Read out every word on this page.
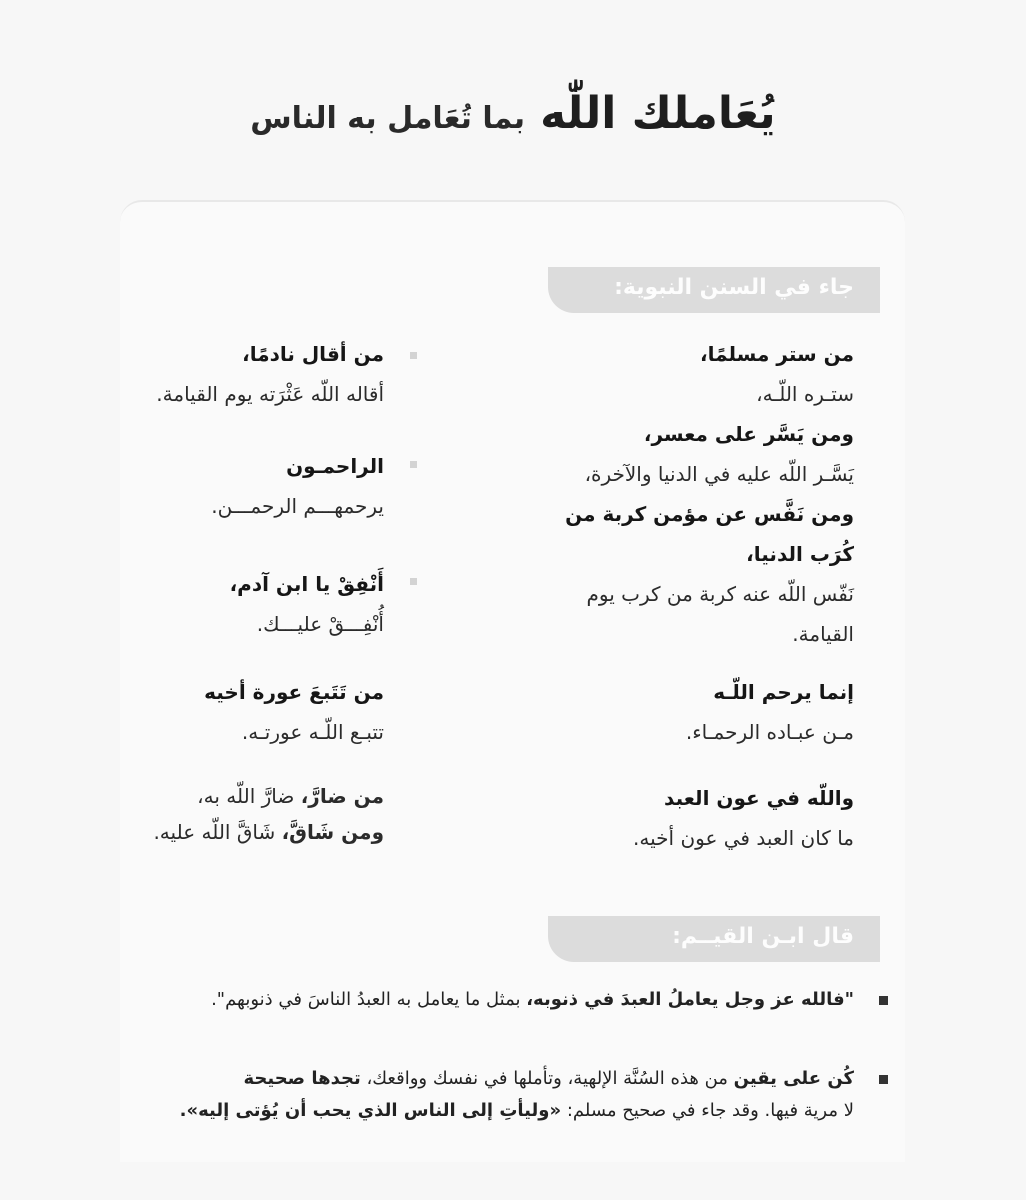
يُعَاملك اللّٰه بما تُعَامل به الناس
جاء في السنن النبوية:

من ستر مسلمًا،

ستـره اللّـه،

ومن يَسَّر على معسر،

يَسَّـر اللّه عليه في الدنيا والآخرة،

ومن نَفَّس عن مؤمن كربة من

كُرَب الدنيا،

نَفّس اللّه عنه كربة من كرب يوم

القيامة.

إنما يرحم اللّـه

مـن عبـاده الرحمـاء.

واللّه في عون العبد

ما كان العبد في عون أخيه.

من أقال نادمًا،

أقاله اللّه عَثْرَته يوم القيامة.

الراحمـون

يرحمهـــم الرحمـــن.

أَنْفِقْ يا ابن آدم،

أُنْفِـــقْ عليـــك.

من تَتَبعَ عورة أخيه

تتبـع اللّـه عورتـه.

من ضارَّ، ضارَّ اللّه به،

ومن شَاقَّ، شَاقَّ اللّه عليه.

قال ابـن القيــم:
"فالله عز وجل يعاملُ العبدَ في ذنوبه، بمثل ما يعامل به العبدُ الناسَ في ذنوبهم".
كُن على يقين من هذه السُنَّة الإلهية، وتأملها في نفسك وواقعك، تجدها صحيحة
لا مرية فيها. وقد جاء في صحيح مسلم: «وليأتِ إلى الناس الذي يحب أن يُؤتى إليه».
